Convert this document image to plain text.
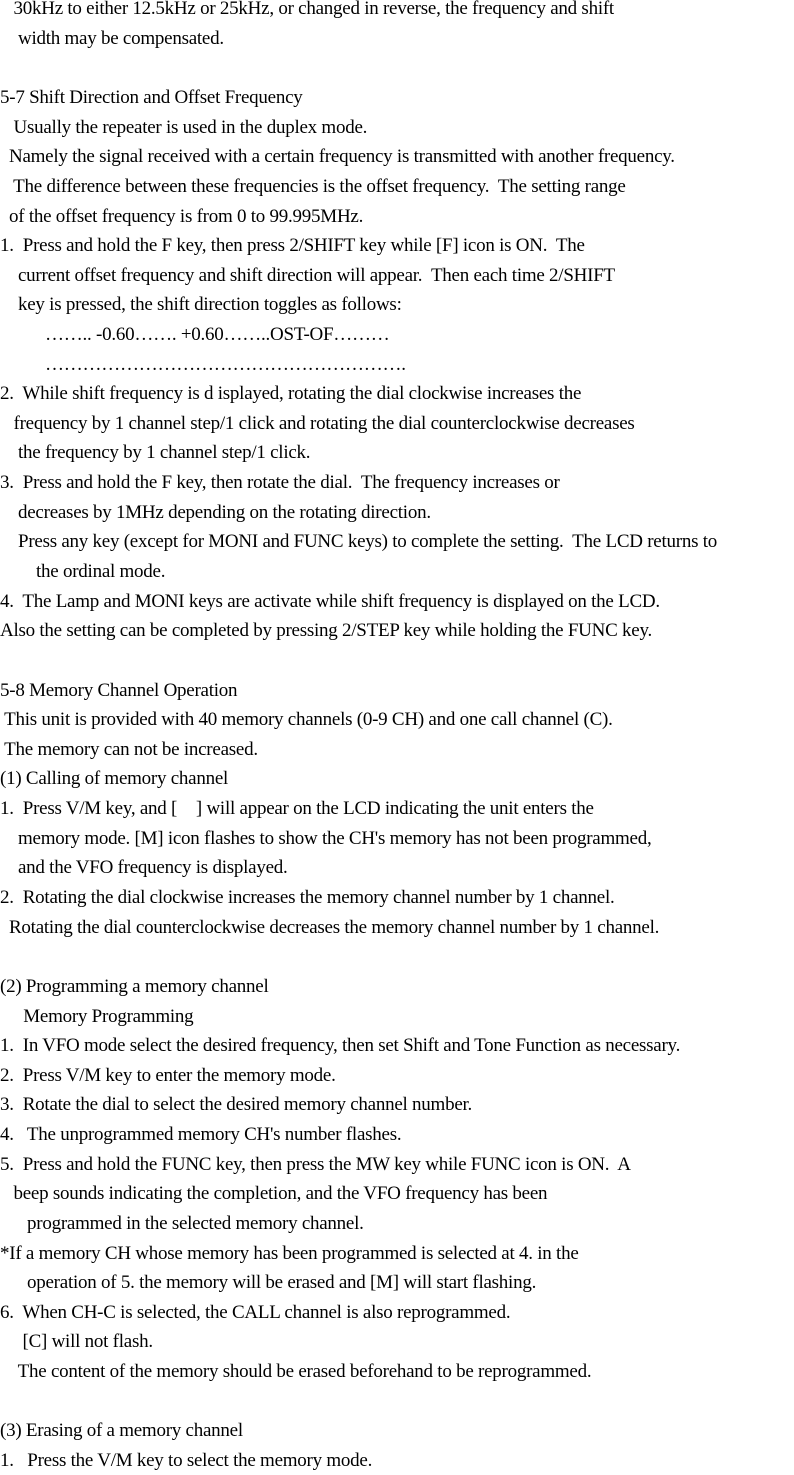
30kHz to either 12.5kHz or 25kHz, or changed in reverse, the frequency and shift

width may be compensated.

5-7 Shift Direction and Offset Frequency

Usually the repeater is used in the duplex mode.

Namely the signal received with a certain frequency is transmitted with another frequency.

The difference between these frequencies is the offset frequency.  The setting range

of the offset frequency is from 0 to 99.995MHz.

1.  Press and hold the F key, then press 2/SHIFT key while [F] icon is ON.  The

current offset frequency and shift direction will appear.  Then each time 2/SHIFT

key is pressed, the shift direction toggles as follows:

…….. -0.60……. +0.60……..OST-OF………

………………………………………………….

2.  While shift frequency is d isplayed, rotating the dial clockwise increases the

frequency by 1 channel step/1 click and rotating the dial counterclockwise decreases

the frequency by 1 channel step/1 click.

3.  Press and hold the F key, then rotate the dial.  The frequency increases or

decreases by 1MHz depending on the rotating direction.

Press any key (except for MONI and FUNC keys) to complete the setting.  The LCD returns to

the ordinal mode.

4.  The Lamp and MONI keys are activate while shift frequency is displayed on the LCD.

Also the setting can be completed by pressing 2/STEP key while holding the FUNC key.

5-8 Memory Channel Operation

This unit is provided with 40 memory channels (0-9 CH) and one call channel (C).

The memory can not be increased.

(1) Calling of memory channel

1.  Press V/M key, and [　] will appear on the LCD indicating the unit enters the

memory mode. [M] icon flashes to show the CH's memory has not been programmed,

and the VFO frequency is displayed.

2.  Rotating the dial clockwise increases the memory channel number by 1 channel.

Rotating the dial counterclockwise decreases the memory channel number by 1 channel.

(2) Programming a memory channel

　 Memory Programming 　

1.  In VFO mode select the desired frequency, then set Shift and Tone Function as necessary.

2.  Press V/M key to enter the memory mode.

3.  Rotate the dial to select the desired memory channel number.

4.   The unprogrammed memory CH's number flashes.

5.  Press and hold the FUNC key, then press the MW key while FUNC icon is ON.  A

beep sounds indicating the completion, and the VFO frequency has been

programmed in the selected memory channel.

*If a memory CH whose memory has been programmed is selected at 4. in the

operation of 5. the memory will be erased and [M] will start flashing.

6.  When CH-C is selected, the CALL channel is also reprogrammed.

[C] will not flash.

The content of the memory should be erased beforehand to be reprogrammed.

(3) Erasing of a memory channel

1.   Press the V/M key to select the memory mode.
